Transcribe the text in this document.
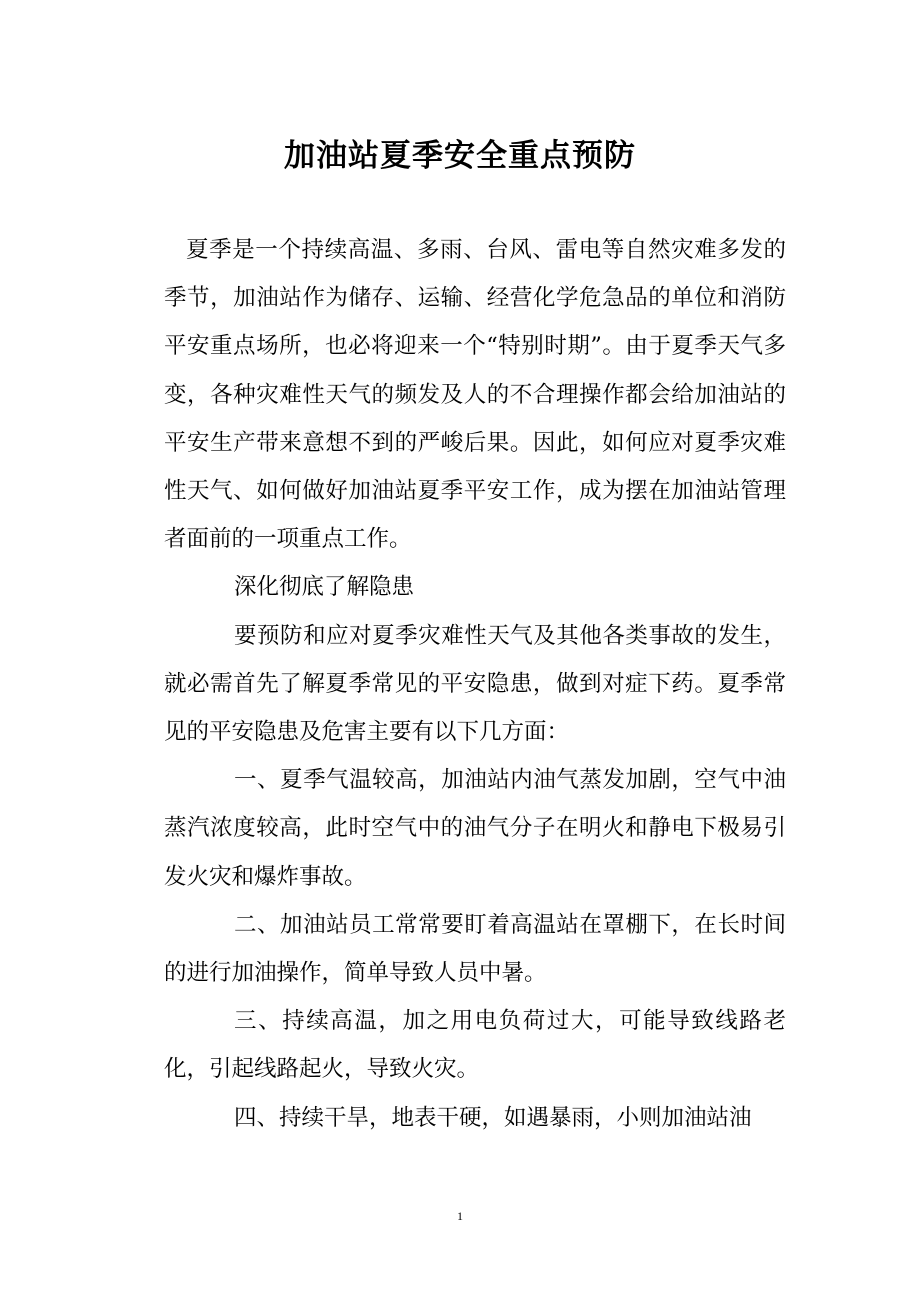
加油站夏季安全重点预防

夏季是一个持续高温、多雨、台风、雷电等自然灾难多发的季节，加油站作为储存、运输、经营化学危急品的单位和消防平安重点场所，也必将迎来一个“特别时期”。由于夏季天气多变，各种灾难性天气的频发及人的不合理操作都会给加油站的平安生产带来意想不到的严峻后果。因此，如何应对夏季灾难性天气、如何做好加油站夏季平安工作，成为摆在加油站管理者面前的一项重点工作。

深化彻底了解隐患

要预防和应对夏季灾难性天气及其他各类事故的发生，就必需首先了解夏季常见的平安隐患，做到对症下药。夏季常见的平安隐患及危害主要有以下几方面：

一、夏季气温较高，加油站内油气蒸发加剧，空气中油蒸汽浓度较高，此时空气中的油气分子在明火和静电下极易引发火灾和爆炸事故。

二、加油站员工常常要盯着高温站在罩棚下，在长时间的进行加油操作，简单导致人员中暑。

三、持续高温，加之用电负荷过大，可能导致线路老化，引起线路起火，导致火灾。

四、持续干旱，地表干硬，如遇暴雨，小则加油站油

1
